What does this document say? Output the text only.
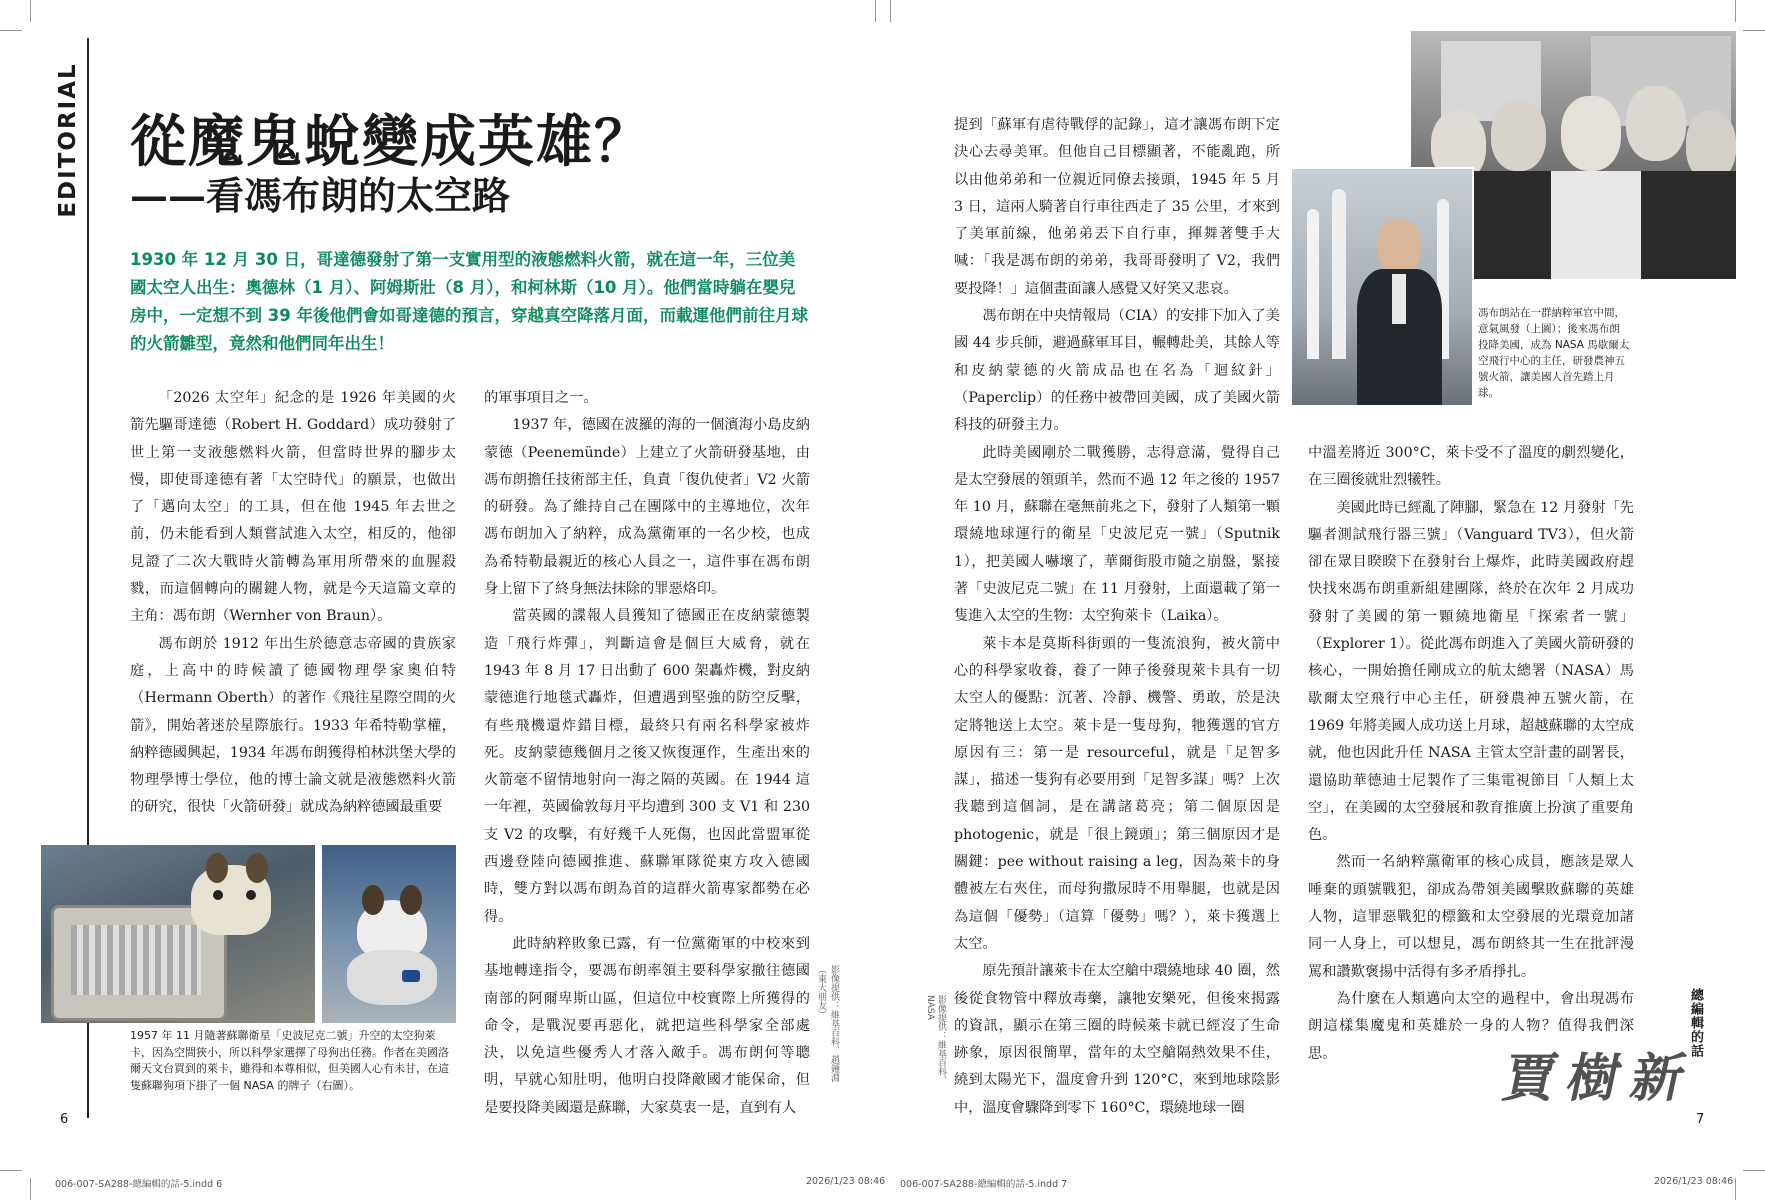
EDITORIAL 從魔鬼蛻變成英雄？
——看馮布朗的太空路

1930 年 12 月 30 日，哥達德發射了第一支實用型的液態燃料火箭，就在這一年，三位美國太空人出生：奧德林（1 月）、阿姆斯壯（8 月），和柯林斯（10 月）。他們當時躺在嬰兒房中，一定想不到 39 年後他們會如哥達德的預言，穿越真空降落月面，而載運他們前往月球的火箭雛型，竟然和他們同年出生！

「2026 太空年」紀念的是 1926 年美國的火箭先驅哥達德（Robert H. Goddard）成功發射了世上第一支液態燃料火箭，但當時世界的腳步太慢，即使哥達德有著「太空時代」的願景，也做出了「邁向太空」的工具，但在他 1945 年去世之前，仍未能看到人類嘗試進入太空，相反的，他卻見證了二次大戰時火箭轉為軍用所帶來的血腥殺戮，而這個轉向的關鍵人物，就是今天這篇文章的主角：馮布朗（Wernher von Braun）。

馮布朗於 1912 年出生於德意志帝國的貴族家庭，上高中的時候讀了德國物理學家奧伯特（Hermann Oberth）的著作《飛往星際空間的火箭》，開始著迷於星際旅行。1933 年希特勒掌權，納粹德國興起，1934 年馮布朗獲得柏林洪堡大學的物理學博士學位，他的博士論文就是液態燃料火箭的研究，很快「火箭研發」就成為納粹德國最重要

的軍事項目之一。

1937 年，德國在波羅的海的一個濱海小島皮納蒙德（Peenemünde）上建立了火箭研發基地，由馮布朗擔任技術部主任，負責「復仇使者」V2 火箭的研發。為了維持自己在團隊中的主導地位，次年馮布朗加入了納粹，成為黨衛軍的一名少校，也成為希特勒最親近的核心人員之一，這件事在馮布朗身上留下了終身無法抹除的罪惡烙印。

當英國的諜報人員獲知了德國正在皮納蒙德製造「飛行炸彈」，判斷這會是個巨大威脅，就在 1943 年 8 月 17 日出動了 600 架轟炸機，對皮納蒙德進行地毯式轟炸，但遭遇到堅強的防空反擊，有些飛機還炸錯目標，最終只有兩名科學家被炸死。皮納蒙德幾個月之後又恢復運作，生產出來的火箭毫不留情地射向一海之隔的英國。在 1944 這一年裡，英國倫敦每月平均遭到 300 支 V1 和 230 支 V2 的攻擊，有好幾千人死傷，也因此當盟軍從西邊登陸向德國推進、蘇聯軍隊從東方攻入德國時，雙方對以馮布朗為首的這群火箭專家都勢在必得。

此時納粹敗象已露，有一位黨衛軍的中校來到基地轉達指令，要馮布朗率領主要科學家撤往德國南部的阿爾卑斯山區，但這位中校實際上所獲得的命令，是戰況要再惡化，就把這些科學家全部處決，以免這些優秀人才落入敵手。馮布朗何等聰明，早就心知肚明，他明白投降敵國才能保命，但是要投降美國還是蘇聯，大家莫衷一是，直到有人

1957 年 11 月隨著蘇聯衛星「史波尼克二號」升空的太空狗萊卡，因為空間狹小，所以科學家選擇了母狗出任務。作者在美國洛爾天文台買到的萊卡，雖得和本尊相似，但美國人心有未甘，在這隻蘇聯狗項下掛了一個 NASA 的牌子（右圖）。
影像提供：維基百科、趙鍾淵（東大朋友）
影像提供：維基百科、NASA

提到「蘇軍有虐待戰俘的記錄」，這才讓馮布朗下定決心去尋美軍。但他自己目標顯著，不能亂跑，所以由他弟弟和一位親近同僚去接頭，1945 年 5 月 3 日，這兩人騎著自行車往西走了 35 公里，才來到了美軍前線，他弟弟丟下自行車，揮舞著雙手大喊：「我是馮布朗的弟弟，我哥哥發明了 V2，我們要投降！」這個畫面讓人感覺又好笑又悲哀。

馮布朗在中央情報局（CIA）的安排下加入了美國 44 步兵師，避過蘇軍耳目，輾轉赴美，其餘人等和皮納蒙德的火箭成品也在名為「迴紋針」（Paperclip）的任務中被帶回美國，成了美國火箭科技的研發主力。

此時美國剛於二戰獲勝，志得意滿，覺得自己是太空發展的領頭羊，然而不過 12 年之後的 1957 年 10 月，蘇聯在毫無前兆之下，發射了人類第一顆環繞地球運行的衛星「史波尼克一號」（Sputnik 1），把美國人嚇壞了，華爾街股市隨之崩盤，緊接著「史波尼克二號」在 11 月發射，上面還載了第一隻進入太空的生物：太空狗萊卡（Laika）。

萊卡本是莫斯科街頭的一隻流浪狗，被火箭中心的科學家收養，養了一陣子後發現萊卡具有一切太空人的優點：沉著、冷靜、機警、勇敢，於是決定將牠送上太空。萊卡是一隻母狗，牠獲選的官方原因有三：第一是 resourceful，就是「足智多謀」，描述一隻狗有必要用到「足智多謀」嗎？上次我聽到這個詞，是在講諸葛亮；第二個原因是 photogenic，就是「很上鏡頭」；第三個原因才是關鍵：pee without raising a leg，因為萊卡的身體被左右夾住，而母狗撒尿時不用舉腿，也就是因為這個「優勢」（這算「優勢」嗎？），萊卡獲選上太空。

原先預計讓萊卡在太空艙中環繞地球 40 圈，然後從食物管中釋放毒藥，讓牠安樂死，但後來揭露的資訊，顯示在第三圈的時候萊卡就已經沒了生命跡象，原因很簡單，當年的太空艙隔熱效果不佳，繞到太陽光下，溫度會升到 120°C，來到地球陰影中，溫度會驟降到零下 160°C，環繞地球一圈

馮布朗站在一群納粹軍官中間，意氣風發（上圖）；後來馮布朗投降美國，成為 NASA 馬歇爾太空飛行中心的主任，研發農神五號火箭，讓美國人首先踏上月球。

中溫差將近 300°C，萊卡受不了溫度的劇烈變化，在三圈後就壯烈犧牲。

美國此時已經亂了陣腳，緊急在 12 月發射「先驅者測試飛行器三號」（Vanguard TV3），但火箭卻在眾目睽睽下在發射台上爆炸，此時美國政府趕快找來馮布朗重新組建團隊，終於在次年 2 月成功發射了美國的第一顆繞地衛星「探索者一號」（Explorer 1）。從此馮布朗進入了美國火箭研發的核心，一開始擔任剛成立的航太總署（NASA）馬歇爾太空飛行中心主任，研發農神五號火箭，在 1969 年將美國人成功送上月球，超越蘇聯的太空成就，他也因此升任 NASA 主管太空計畫的副署長，還協助華德迪士尼製作了三集電視節目「人類上太空」，在美國的太空發展和教育推廣上扮演了重要角色。

然而一名納粹黨衛軍的核心成員，應該是眾人唾棄的頭號戰犯，卻成為帶領美國擊敗蘇聯的英雄人物，這罪惡戰犯的標籤和太空發展的光環竟加諸同一人身上，可以想見，馮布朗終其一生在批評漫罵和讚歎褒揚中活得有多矛盾掙扎。

為什麼在人類邁向太空的過程中，會出現馮布朗這樣集魔鬼和英雄於一身的人物？值得我們深思。	總編輯的話
賈樹新
6	7
006-007-SA288-總編輯的話-5.indd 6	2026/1/23 08:46 006-007-SA288-總編輯的話-5.indd 7	2026/1/23 08:46
